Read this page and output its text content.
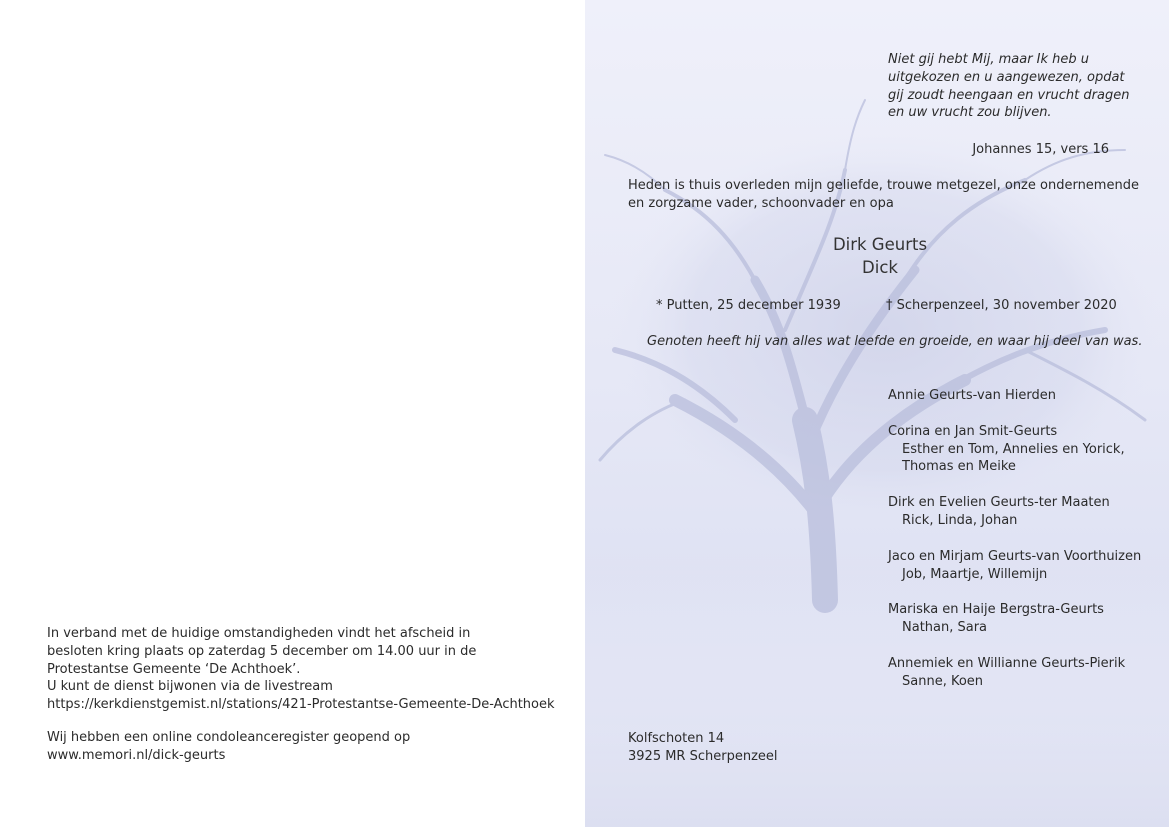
In verband met de huidige omstandigheden vindt het afscheid in
besloten kring plaats op zaterdag 5 december om 14.00 uur in de
Protestantse Gemeente ‘De Achthoek’.
U kunt de dienst bijwonen via de livestream
https://kerkdienstgemist.nl/stations/421-Protestantse-Gemeente-De-Achthoek
Wij hebben een online condoleanceregister geopend op
www.memori.nl/dick-geurts
Niet gij hebt Mij, maar Ik heb u
uitgekozen en u aangewezen, opdat
gij zoudt heengaan en vrucht dragen
en uw vrucht zou blijven.
Johannes 15, vers 16
Heden is thuis overleden mijn geliefde, trouwe metgezel, onze ondernemende
en zorgzame vader, schoonvader en opa
Dirk Geurts
Dick
* Putten, 25 december 1939	† Scherpenzeel, 30 november 2020
Genoten heeft hij van alles wat leefde en groeide, en waar hij deel van was.
Annie Geurts-van Hierden
Corina en Jan Smit-Geurts
Esther en Tom, Annelies en Yorick,
Thomas en Meike
Dirk en Evelien Geurts-ter Maaten
Rick, Linda, Johan
Jaco en Mirjam Geurts-van Voorthuizen
Job, Maartje, Willemijn
Mariska en Haije Bergstra-Geurts
Nathan, Sara
Annemiek en Willianne Geurts-Pierik
Sanne, Koen
Kolfschoten 14
3925 MR Scherpenzeel
